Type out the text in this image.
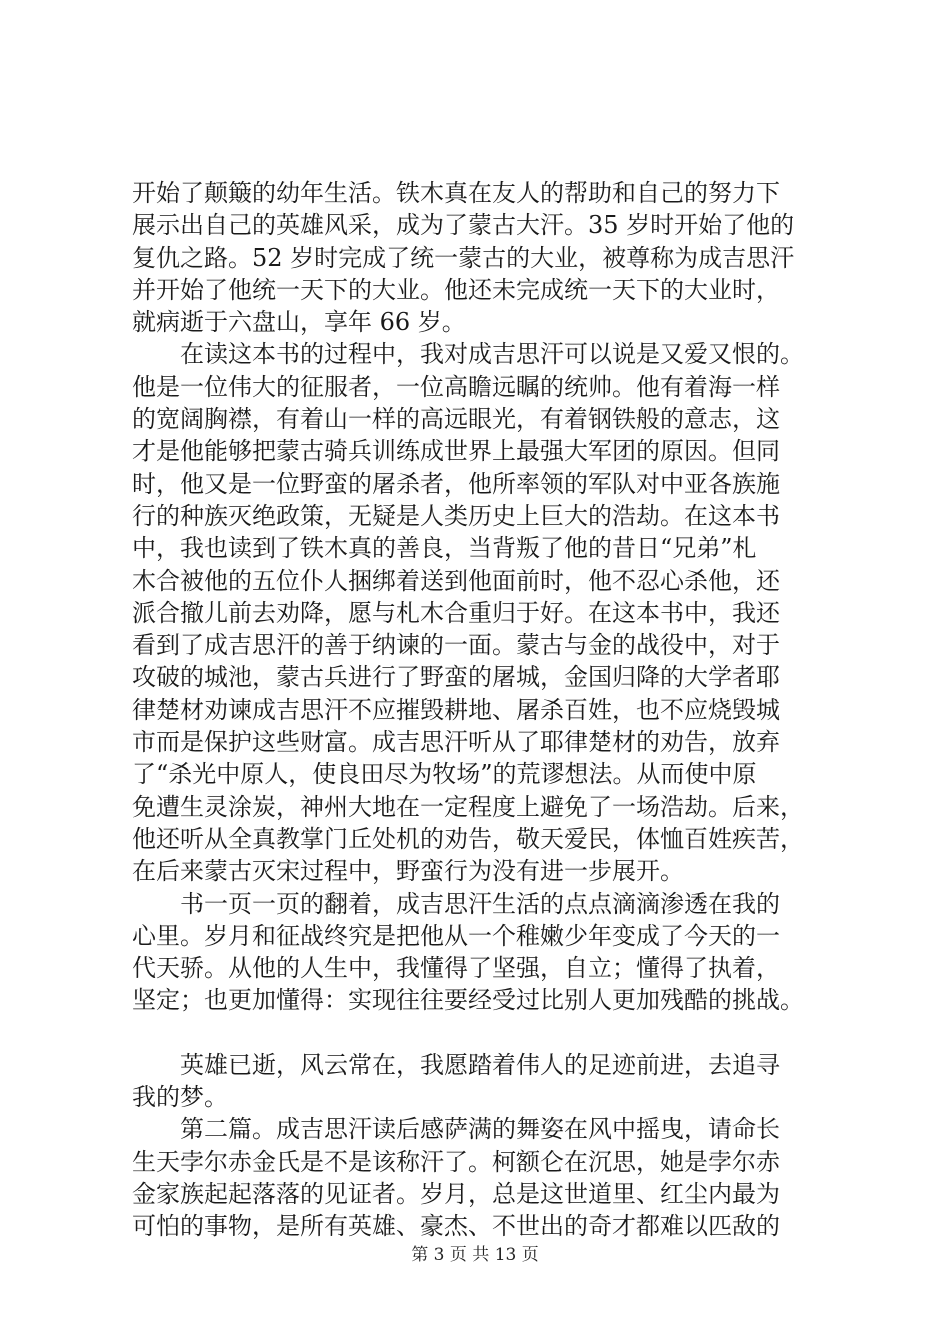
开始了颠簸的幼年生活。铁木真在友人的帮助和自己的努力下
展示出自己的英雄风采，成为了蒙古大汗。35 岁时开始了他的
复仇之路。52 岁时完成了统一蒙古的大业，被尊称为成吉思汗
并开始了他统一天下的大业。他还未完成统一天下的大业时，
就病逝于六盘山，享年 66 岁。
　　在读这本书的过程中，我对成吉思汗可以说是又爱又恨的。
他是一位伟大的征服者，一位高瞻远瞩的统帅。他有着海一样
的宽阔胸襟，有着山一样的高远眼光，有着钢铁般的意志，这
才是他能够把蒙古骑兵训练成世界上最强大军团的原因。但同
时，他又是一位野蛮的屠杀者，他所率领的军队对中亚各族施
行的种族灭绝政策，无疑是人类历史上巨大的浩劫。在这本书
中，我也读到了铁木真的善良，当背叛了他的昔日“兄弟”札
木合被他的五位仆人捆绑着送到他面前时，他不忍心杀他，还
派合撤儿前去劝降，愿与札木合重归于好。在这本书中，我还
看到了成吉思汗的善于纳谏的一面。蒙古与金的战役中，对于
攻破的城池，蒙古兵进行了野蛮的屠城，金国归降的大学者耶
律楚材劝谏成吉思汗不应摧毁耕地、屠杀百姓，也不应烧毁城
市而是保护这些财富。成吉思汗听从了耶律楚材的劝告，放弃
了“杀光中原人，使良田尽为牧场”的荒谬想法。从而使中原
免遭生灵涂炭，神州大地在一定程度上避免了一场浩劫。后来，
他还听从全真教掌门丘处机的劝告，敬天爱民，体恤百姓疾苦，
在后来蒙古灭宋过程中，野蛮行为没有进一步展开。
　　书一页一页的翻着，成吉思汗生活的点点滴滴渗透在我的
心里。岁月和征战终究是把他从一个稚嫩少年变成了今天的一
代天骄。从他的人生中，我懂得了坚强，自立；懂得了执着，
坚定；也更加懂得：实现往往要经受过比别人更加残酷的挑战。
　　英雄已逝，风云常在，我愿踏着伟人的足迹前进，去追寻
我的梦。
　　第二篇。成吉思汗读后感萨满的舞姿在风中摇曳，请命长
生天孛尔赤金氏是不是该称汗了。柯额仑在沉思，她是孛尔赤
金家族起起落落的见证者。岁月，总是这世道里、红尘内最为
可怕的事物，是所有英雄、豪杰、不世出的奇才都难以匹敌的
第 3 页 共 13 页
